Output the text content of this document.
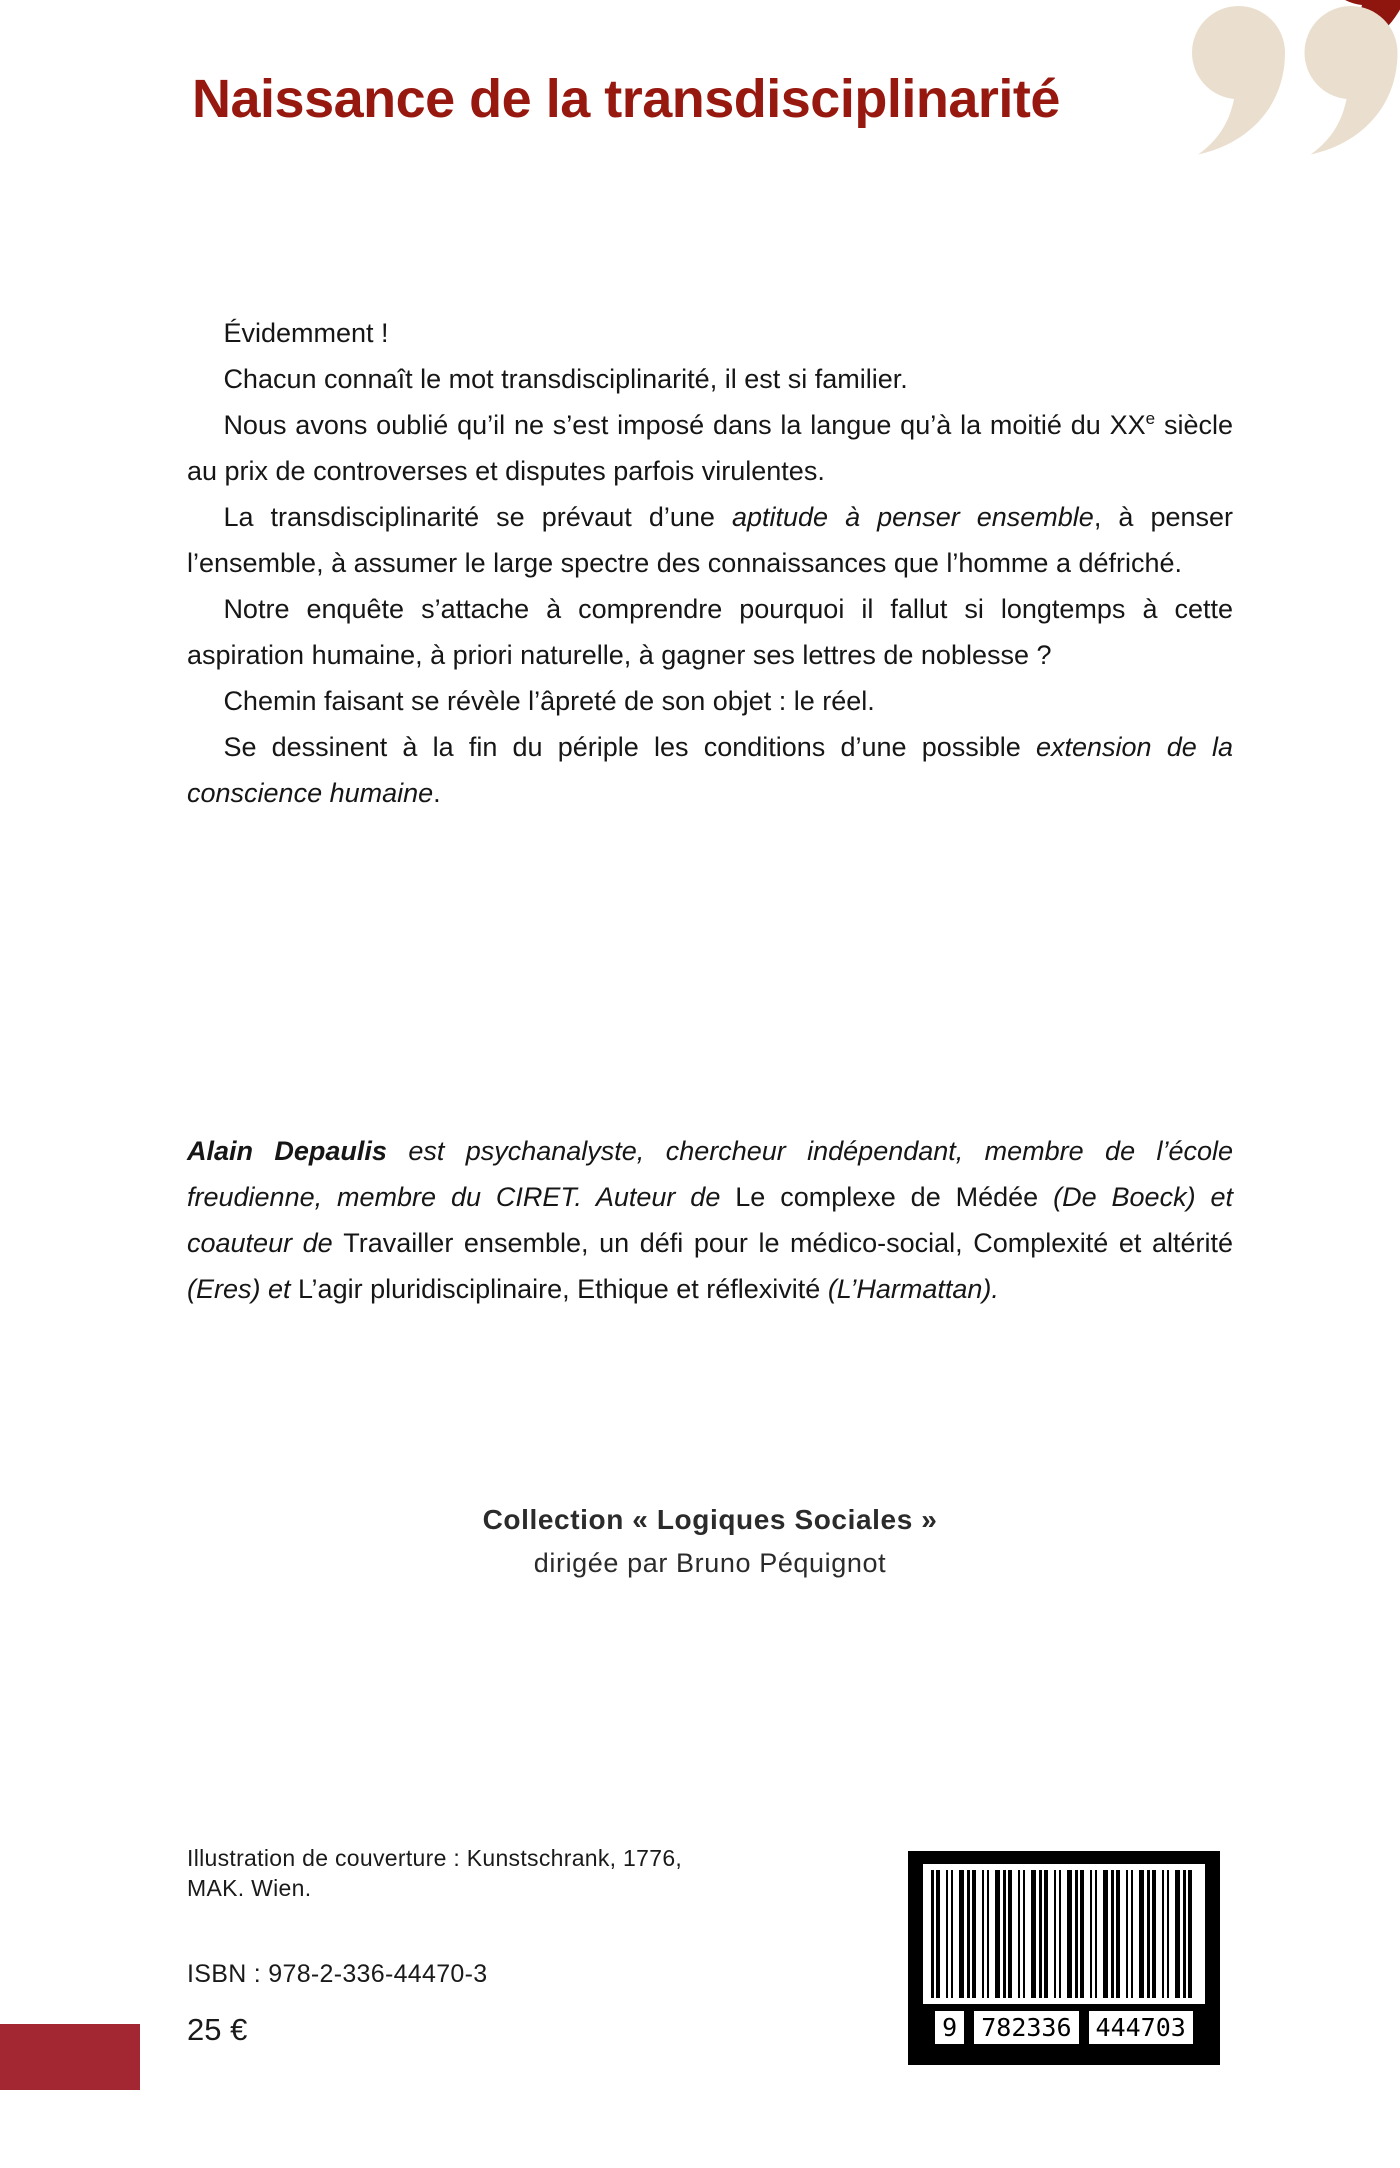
Naissance de la transdisciplinarité

Évidemment !

Chacun connaît le mot transdisciplinarité, il est si familier.

Nous avons oublié qu’il ne s’est imposé dans la langue qu’à la moitié du XXe siècle au prix de controverses et disputes parfois virulentes.

La transdisciplinarité se prévaut d’une aptitude à penser ensemble, à penser l’ensemble, à assumer le large spectre des connaissances que l’homme a défriché.

Notre enquête s’attache à comprendre pourquoi il fallut si longtemps à cette aspiration humaine, à priori naturelle, à gagner ses lettres de noblesse ?

Chemin faisant se révèle l’âpreté de son objet : le réel.

Se dessinent à la fin du périple les conditions d’une possible extension de la conscience humaine.

Alain Depaulis est psychanalyste, chercheur indépendant, membre de l’école freudienne, membre du CIRET. Auteur de Le complexe de Médée (De Boeck) et coauteur de Travailler ensemble, un défi pour le médico-social, Complexité et altérité (Eres) et L’agir pluridisciplinaire, Ethique et réflexivité (L’Harmattan).
Collection « Logiques Sociales »
dirigée par Bruno Péquignot
Illustration de couverture : Kunstschrank, 1776,
MAK. Wien.
ISBN : 978-2-336-44470-3
25 €	9 782336 444703
